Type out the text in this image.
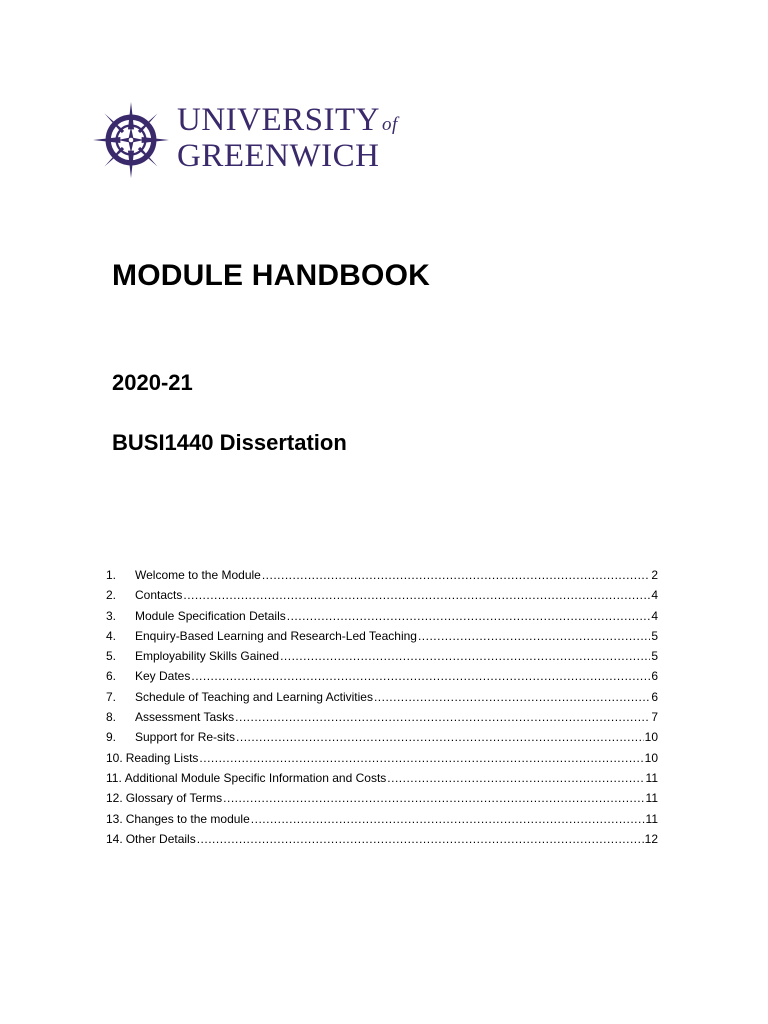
UNIVERSITY of
GREENWICH
MODULE HANDBOOK
2020-21
BUSI1440 Dissertation
1.	Welcome to the Module .....	2
2.	Contacts .....	4
3.	Module Specification Details .....	4
4.	Enquiry-Based Learning and Research-Led Teaching .....	5
5.	Employability Skills Gained .....	5
6.	Key Dates .....	6
7.	Schedule of Teaching and Learning Activities .....	6
8.	Assessment Tasks .....	7
9.	Support for Re-sits .....	10
10. Reading Lists .....	10
11. Additional Module Specific Information and Costs .....	11
12. Glossary of Terms .....	11
13. Changes to the module .....	11
14. Other Details .....	12
